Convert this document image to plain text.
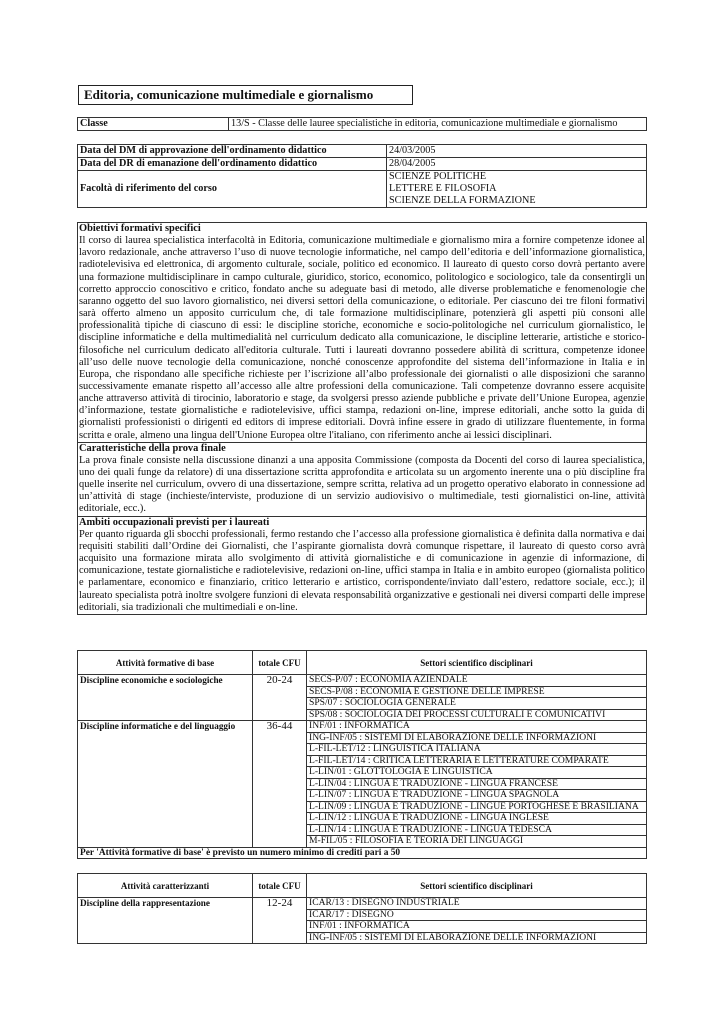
Editoria, comunicazione multimediale e giornalismo
Classe	13/S - Classe delle lauree specialistiche in editoria, comunicazione multimediale e giornalismo
Data del DM di approvazione dell'ordinamento didattico	24/03/2005
Data del DR di emanazione dell'ordinamento didattico	28/04/2005
Facoltà di riferimento del corso	SCIENZE POLITICHE
LETTERE E FILOSOFIA
SCIENZE DELLA FORMAZIONE
Obiettivi formativi specifici
Il corso di laurea specialistica interfacoltà in Editoria, comunicazione multimediale e giornalismo mira a fornire competenze idonee al lavoro redazionale, anche attraverso l’uso di nuove tecnologie informatiche, nel campo dell’editoria e dell’informazione giornalistica, radiotelevisiva ed elettronica, di argomento culturale, sociale, politico ed economico. Il laureato di questo corso dovrà pertanto avere una formazione multidisciplinare in campo culturale, giuridico, storico, economico, politologico e sociologico, tale da consentirgli un corretto approccio conoscitivo e critico, fondato anche su adeguate basi di metodo, alle diverse problematiche e fenomenologie che saranno oggetto del suo lavoro giornalistico, nei diversi settori della comunicazione, o editoriale. Per ciascuno dei tre filoni formativi sarà offerto almeno un apposito curriculum che, di tale formazione multidisciplinare, potenzierà gli aspetti più consoni alle professionalità tipiche di ciascuno di essi: le discipline storiche, economiche e socio-politologiche nel curriculum giornalistico, le discipline informatiche e della multimedialità nel curriculum dedicato alla comunicazione, le discipline letterarie, artistiche e storico-filosofiche nel curriculum dedicato all'editoria culturale. Tutti i laureati dovranno possedere abilità di scrittura, competenze idonee all’uso delle nuove tecnologie della comunicazione, nonché conoscenze approfondite del sistema dell’informazione in Italia e in Europa, che rispondano alle specifiche richieste per l’iscrizione all’albo professionale dei giornalisti o alle disposizioni che saranno successivamente emanate rispetto all’accesso alle altre professioni della comunicazione. Tali competenze dovranno essere acquisite anche attraverso attività di tirocinio, laboratorio e stage, da svolgersi presso aziende pubbliche e private dell’Unione Europea, agenzie d’informazione, testate giornalistiche e radiotelevisive, uffici stampa, redazioni on-line, imprese editoriali, anche sotto la guida di giornalisti professionisti o dirigenti ed editors di imprese editoriali. Dovrà infine essere in grado di utilizzare fluentemente, in forma scritta e orale, almeno una lingua dell'Unione Europea oltre l'italiano, con riferimento anche ai lessici disciplinari.
Caratteristiche della prova finale
La prova finale consiste nella discussione dinanzi a una apposita Commissione (composta da Docenti del corso di laurea specialistica, uno dei quali funge da relatore) di una dissertazione scritta approfondita e articolata su un argomento inerente una o più discipline fra quelle inserite nel curriculum, ovvero di una dissertazione, sempre scritta, relativa ad un progetto operativo elaborato in connessione ad un’attività di stage (inchieste/interviste, produzione di un servizio audiovisivo o multimediale, testi giornalistici on-line, attività editoriale, ecc.).
Ambiti occupazionali previsti per i laureati
Per quanto riguarda gli sbocchi professionali, fermo restando che l’accesso alla professione giornalistica è definita dalla normativa e dai requisiti stabiliti dall’Ordine dei Giornalisti, che l’aspirante giornalista dovrà comunque rispettare, il laureato di questo corso avrà acquisito una formazione mirata allo svolgimento di attività giornalistiche e di comunicazione in agenzie di informazione, di comunicazione, testate giornalistiche e radiotelevisive, redazioni on-line, uffici stampa in Italia e in ambito europeo (giornalista politico e parlamentare, economico e finanziario, critico letterario e artistico, corrispondente/inviato dall’estero, redattore sociale, ecc.); il laureato specialista potrà inoltre svolgere funzioni di elevata responsabilità organizzative e gestionali nei diversi comparti delle imprese editoriali, sia tradizionali che multimediali e on-line.
Attività formative di base	totale CFU	Settori scientifico disciplinari
Discipline economiche e sociologiche	20-24	SECS-P/07 : ECONOMIA AZIENDALE
		SECS-P/08 : ECONOMIA E GESTIONE DELLE IMPRESE
		SPS/07 : SOCIOLOGIA GENERALE
		SPS/08 : SOCIOLOGIA DEI PROCESSI CULTURALI E COMUNICATIVI
Discipline informatiche e del linguaggio	36-44	INF/01 : INFORMATICA
		ING-INF/05 : SISTEMI DI ELABORAZIONE DELLE INFORMAZIONI
		L-FIL-LET/12 : LINGUISTICA ITALIANA
		L-FIL-LET/14 : CRITICA LETTERARIA E LETTERATURE COMPARATE
		L-LIN/01 : GLOTTOLOGIA E LINGUISTICA
		L-LIN/04 : LINGUA E TRADUZIONE - LINGUA FRANCESE
		L-LIN/07 : LINGUA E TRADUZIONE - LINGUA SPAGNOLA
		L-LIN/09 : LINGUA E TRADUZIONE - LINGUE PORTOGHESE E BRASILIANA
		L-LIN/12 : LINGUA E TRADUZIONE - LINGUA INGLESE
		L-LIN/14 : LINGUA E TRADUZIONE - LINGUA TEDESCA
		M-FIL/05 : FILOSOFIA E TEORIA DEI LINGUAGGI
Per 'Attività formative di base' è previsto un numero minimo di crediti pari a 50		
Attività caratterizzanti	totale CFU	Settori scientifico disciplinari
Discipline della rappresentazione	12-24	ICAR/13 : DISEGNO INDUSTRIALE
		ICAR/17 : DISEGNO
		INF/01 : INFORMATICA
		ING-INF/05 : SISTEMI DI ELABORAZIONE DELLE INFORMAZIONI
